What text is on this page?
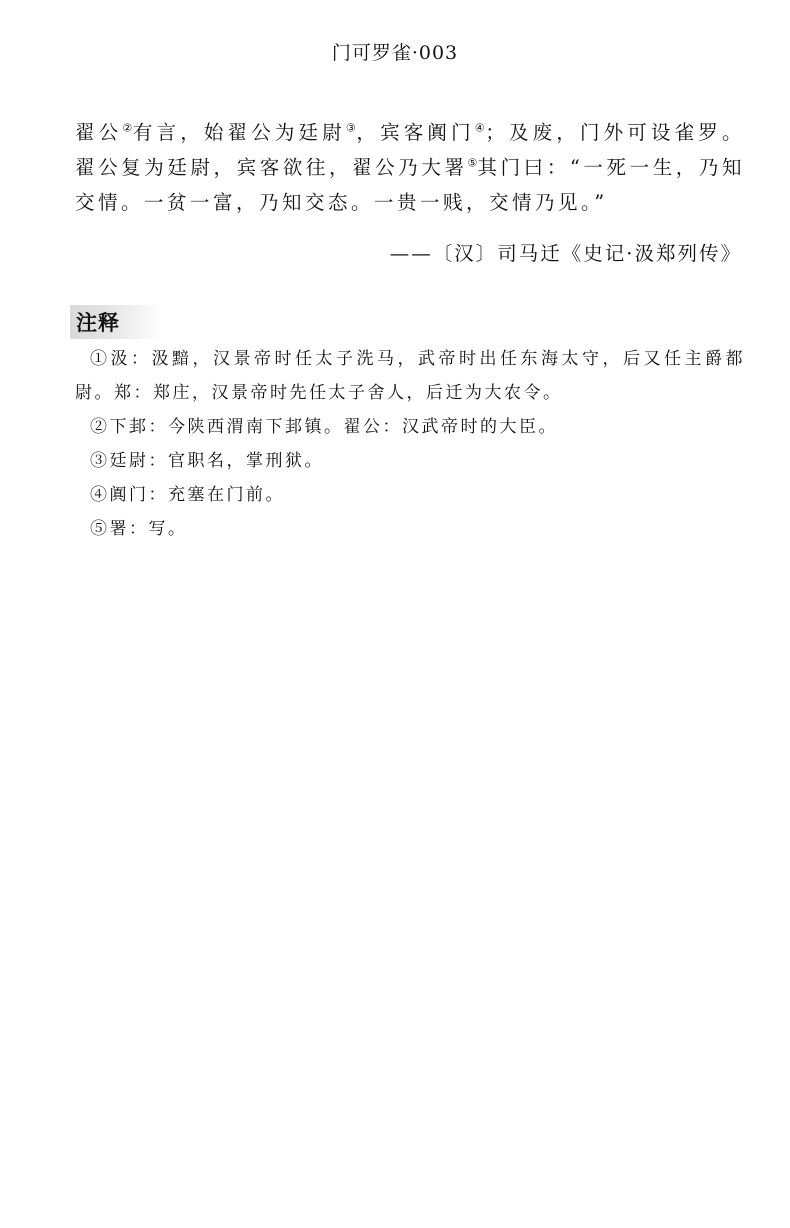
门可罗雀·003
翟公②有言，始翟公为廷尉③，宾客阗门④；及废，门外可设雀罗。翟公复为廷尉，宾客欲往，翟公乃大署⑤其门曰：“一死一生，乃知交情。一贫一富，乃知交态。一贵一贱，交情乃见。”
——〔汉〕司马迁《史记·汲郑列传》
注释

①汲：汲黯，汉景帝时任太子洗马，武帝时出任东海太守，后又任主爵都尉。郑：郑庄，汉景帝时先任太子舍人，后迁为大农令。

②下邽：今陕西渭南下邽镇。翟公：汉武帝时的大臣。

③廷尉：官职名，掌刑狱。

④阗门：充塞在门前。

⑤署：写。
